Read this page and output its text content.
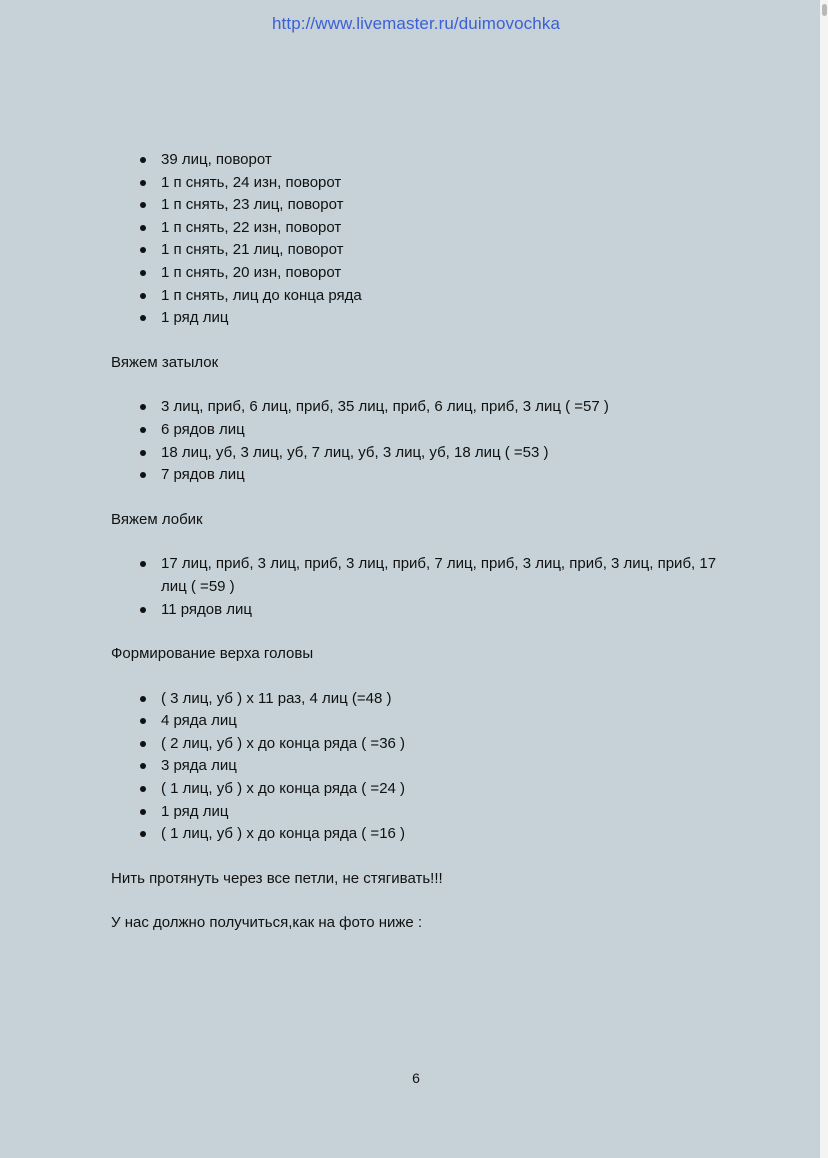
http://www.livemaster.ru/duimovochka
39 лиц, поворот
1 п снять, 24 изн, поворот
1 п снять, 23 лиц, поворот
1 п снять, 22 изн, поворот
1 п снять, 21 лиц, поворот
1 п снять, 20 изн, поворот
1 п снять, лиц до конца ряда
1 ряд лиц

Вяжем затылок

3 лиц, приб, 6 лиц, приб, 35 лиц, приб, 6 лиц, приб, 3 лиц ( =57 )
6 рядов лиц
18 лиц, уб, 3 лиц, уб, 7 лиц, уб, 3 лиц, уб, 18 лиц ( =53 )
7 рядов лиц

Вяжем лобик

17 лиц, приб, 3 лиц, приб, 3 лиц, приб, 7 лиц, приб, 3 лиц, приб, 3 лиц, приб, 17 лиц ( =59 )
11 рядов лиц

Формирование верха головы

( 3 лиц, уб ) х 11 раз, 4 лиц (=48 )
4 ряда лиц
( 2 лиц, уб ) х до конца ряда ( =36 )
3 ряда лиц
( 1 лиц, уб ) х до конца ряда ( =24 )
1 ряд лиц
( 1 лиц, уб ) х до конца ряда ( =16 )

Нить протянуть через все петли, не стягивать!!!

У нас должно получиться,как на фото ниже :

6
